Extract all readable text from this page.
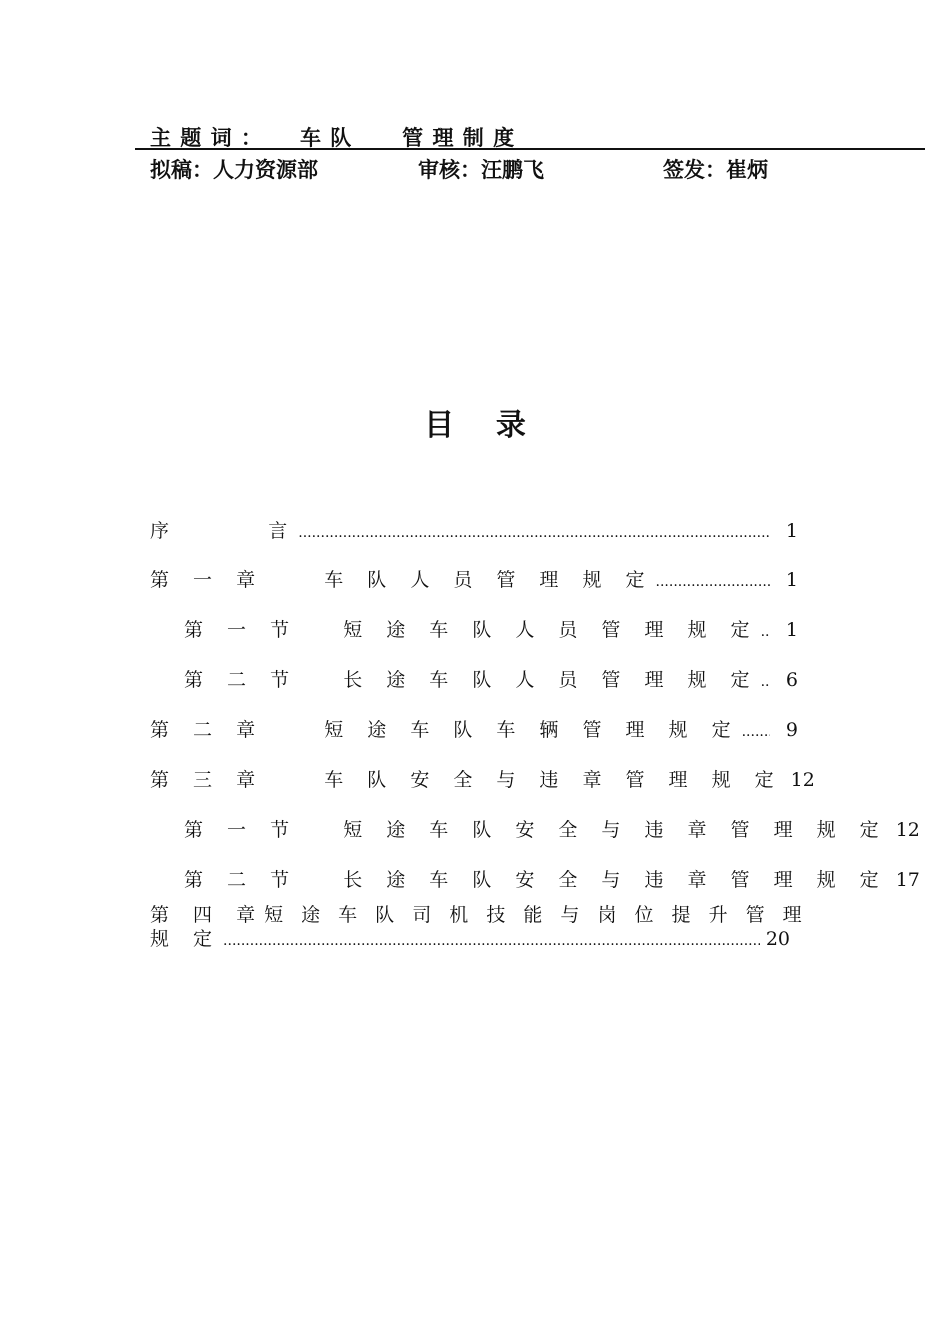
主 题 词 ： 车 队      管 理 制 度
拟稿：人力资源部	审核：汪鹏飞	签发：崔炳
目    录
序      言 .....	1
第 一 章    车 队 人 员 管 理 规 定 .....	1
第 一 节   短 途 车 队 人 员 管 理 规 定 .....	1
第 二 节   长 途 车 队 人 员 管 理 规 定 .....	6
第 二 章    短 途 车 队 车 辆 管 理 规 定 .....	9
第 三 章    车 队 安 全 与 违 章 管 理 规 定 12
第 一 节   短 途 车 队 安 全 与 违 章 管 理 规 定 12
第 二 节   长 途 车 队 安 全 与 违 章 管 理 规 定 17
第 四 章 短 途 车 队 司 机 技 能 与 岗 位 提 升 管 理
规 定 .....	20
